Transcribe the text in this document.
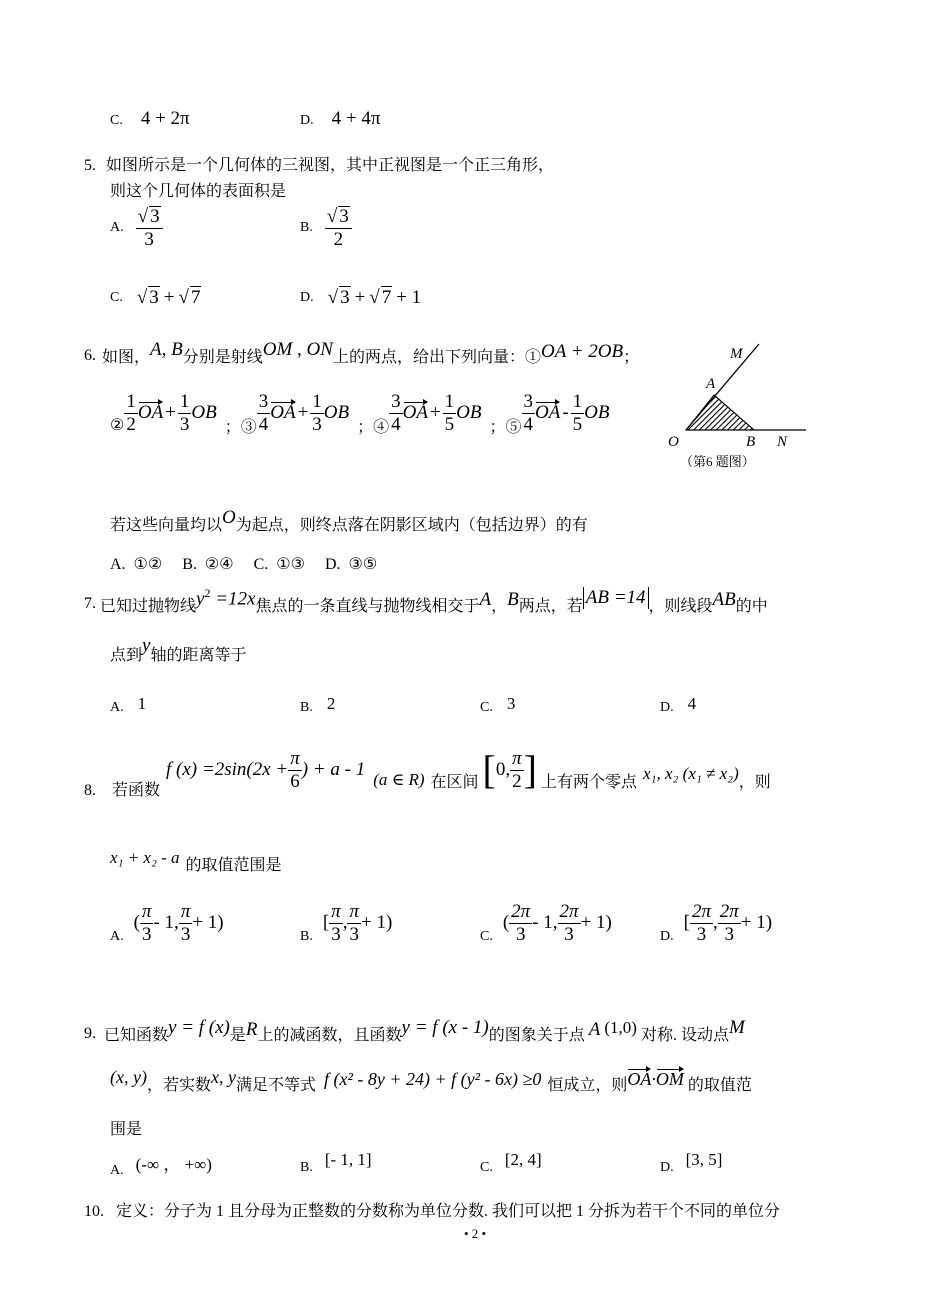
C. 4 + 2π	D. 4 + 4π
5. 如图所示是一个几何体的三视图，其中正视图是一个正三角形，
则这个几何体的表面积是
A. $\frac{√ 3}{3}$	B. $\frac{√ 3}{2}$
C. √ 3 + √ 7	D. √ 3 + √ 7 + 1
6. 如图， A, B 分别是射线 OM , ON 上的两点，给出下列向量：① OA + 2OB ；
② $\frac{1}{2}$ OA + $\frac{1}{3}$ OB
；③ $\frac{3}{4}$ OA + $\frac{1}{3}$ OB
；④ $\frac{3}{4}$ OA + $\frac{1}{5}$ OB
；⑤ $\frac{3}{4}$ OA - $\frac{1}{5}$ OB
M
A
O	B N
（第6 题图）
若这些向量均以 O 为起点，则终点落在阴影区域内（包括边界）的有
A.  ①②     B.  ②④     C.  ①③     D.  ③⑤
7. 已知过抛物线 $y^2 =12x$ 焦点的一条直线与抛物线相交于 A ， B 两点，若 AB =14 ，则线段 AB 的中
点到 y 轴的距离等于
A. 1	B. 2	C. 3	D. 4
8. 若函数
f $(x) =2\sin(2x + \frac{\pi}{6}$ ) + a - 1 (a ∈ R) 在区间 [ 0, $\frac{\pi}{2}$ ] 上有两个零点 x₁, x₂ (x₁ ≠ x₂) ，则
x₁ + x₂ - a 的取值范围是
A.
( $\frac{\pi}{3} - 1$, $\frac{\pi}{3} + 1$)
B.
[ $\frac{\pi}{3}$ , $\frac{\pi}{3} + 1$)
C.
( $\frac{2\pi}{3} - 1$, $\frac{2\pi}{3} + 1$)
D.
[ $\frac{2\pi}{3}$ , $\frac{2\pi}{3} + 1$)
9. 已知函数 y = f (x) 是 R 上的减函数，且函数 y = f (x - 1) 的图象关于点 A (1,0) 对称. 设动点 M
(x, y) ，若实数 x, y 满足不等式 f (x² - 8y + 24) + f (y² - 6x) ≥0 恒成立，则 OA·OM 的取值范
围是
A. (-∞ ， +∞)	B. [- 1, 1]	C. [2, 4]	D. [3, 5]
10. 定义：分子为 1 且分母为正整数的分数称为单位分数. 我们可以把 1 分拆为若干个不同的单位分
• 2 •
